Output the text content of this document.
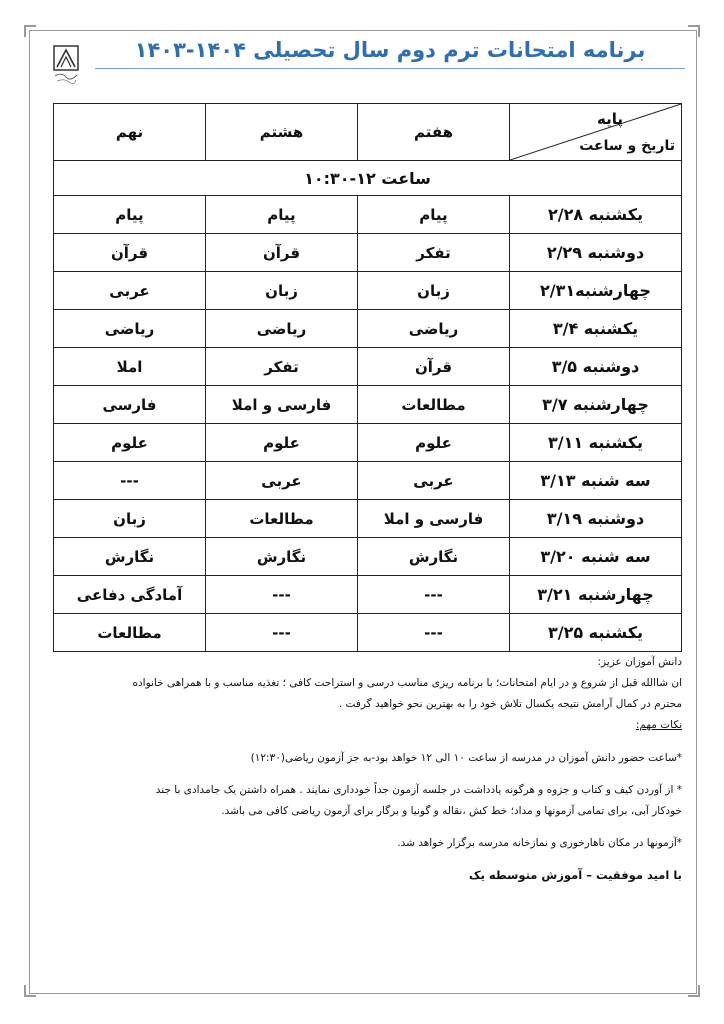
برنامه امتحانات ترم دوم سال تحصیلی ۱۴۰۴-۱۴۰۳
پایه
تاریخ و ساعت	هفتم	هشتم	نهم
ساعت ۱۲-۱۰:۳۰			
یکشنبه ۲/۲۸	پیام	پیام	پیام
دوشنبه ۲/۲۹	تفکر	قرآن	قرآن
چهارشنبه۲/۳۱	زبان	زبان	عربی
یکشنبه ۳/۴	ریاضی	ریاضی	ریاضی
دوشنبه ۳/۵	قرآن	تفکر	املا
چهارشنبه ۳/۷	مطالعات	فارسی و املا	فارسی
یکشنبه ۳/۱۱	علوم	علوم	علوم
سه شنبه ۳/۱۳	عربی	عربی	---
دوشنبه ۳/۱۹	فارسی و املا	مطالعات	زبان
سه شنبه ۳/۲۰	نگارش	نگارش	نگارش
چهارشنبه ۳/۲۱	---	---	آمادگی دفاعی
یکشنبه ۳/۲۵	---	---	مطالعات

دانش آموزان عزیز:

ان شاالله قبل از شروع و در ایام امتحانات؛ با برنامه ریزی مناسب درسی و استراحت کافی ؛ تغذیه مناسب و با همراهی خانواده

محترم در کمال آرامش نتیجه یکسال تلاش خود را به بهترین نحو خواهید گرفت .

نکات مهم:

*ساعت حضور دانش آموزان در مدرسه از ساعت ۱۰ الی ۱۲ خواهد بود-به جز آزمون ریاضی(۱۲:۳۰)

* از آوردن کیف و کتاب و جزوه و هرگونه یادداشت در جلسه آزمون جداً خودداری نمایند . همراه داشتن یک جامدادی با جند

خودکار آبی، برای تمامی آزمونها و مداد؛ خط کش ،نقاله و گونیا و برگار برای آزمون ریاضی کافی می باشد.

*آزمونها در مکان ناهارخوری و نمازخانه مدرسه برگزار خواهد شد.

با امید موفقیت – آموزش متوسطه یک
